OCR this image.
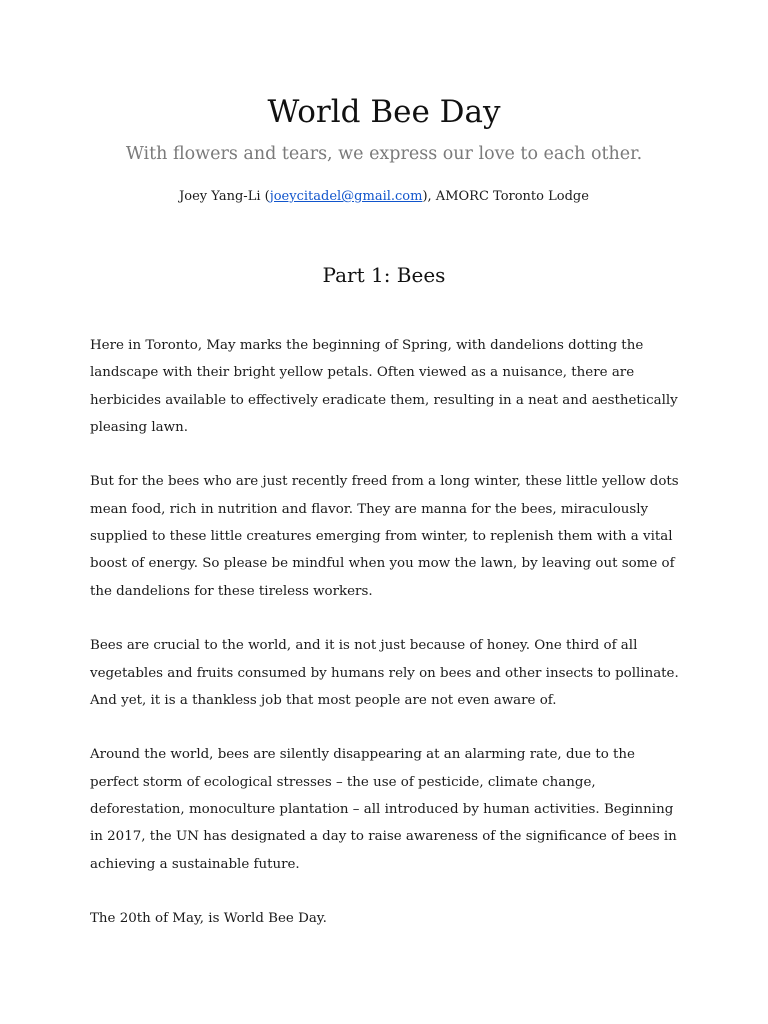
World Bee Day

With flowers and tears, we express our love to each other.

Joey Yang-Li (joeycitadel@gmail.com), AMORC Toronto Lodge

Part 1: Bees

Here in Toronto, May marks the beginning of Spring, with dandelions dotting the landscape with their bright yellow petals. Often viewed as a nuisance, there are herbicides available to effectively eradicate them, resulting in a neat and aesthetically pleasing lawn.

But for the bees who are just recently freed from a long winter, these little yellow dots mean food, rich in nutrition and flavor. They are manna for the bees, miraculously supplied to these little creatures emerging from winter, to replenish them with a vital boost of energy. So please be mindful when you mow the lawn, by leaving out some of the dandelions for these tireless workers.

Bees are crucial to the world, and it is not just because of honey. One third of all vegetables and fruits consumed by humans rely on bees and other insects to pollinate. And yet, it is a thankless job that most people are not even aware of.

Around the world, bees are silently disappearing at an alarming rate, due to the perfect storm of ecological stresses – the use of pesticide, climate change, deforestation, monoculture plantation – all introduced by human activities. Beginning in 2017, the UN has designated a day to raise awareness of the significance of bees in achieving a sustainable future.

The 20th of May, is World Bee Day.
